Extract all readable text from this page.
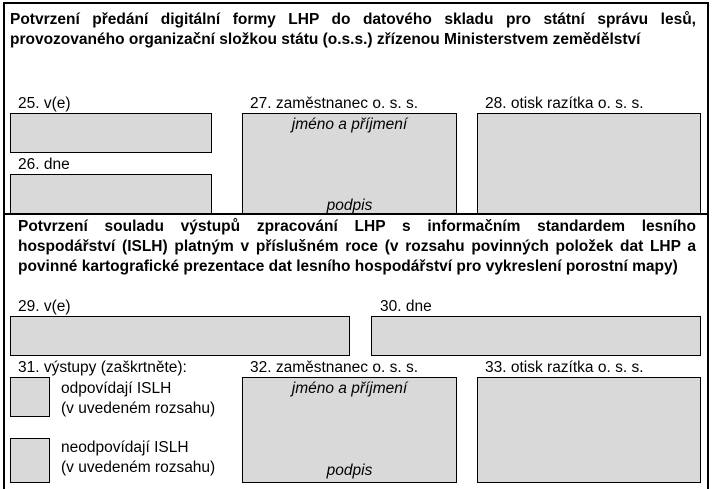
Potvrzení předání digitální formy LHP do datového skladu pro státní správu lesů, provozovaného organizační složkou státu (o.s.s.) zřízenou Ministerstvem zemědělství
25. v(e)
26. dne
27. zaměstnanec o. s. s.
jméno a příjmení
podpis
28. otisk razítka o. s. s.
Potvrzení souladu výstupů zpracování LHP s informačním standardem lesního hospodářství (ISLH) platným v příslušném roce (v rozsahu povinných položek dat LHP a povinné kartografické prezentace dat lesního hospodářství pro vykreslení porostní mapy)
29. v(e)	30. dne
31. výstupy (zaškrtněte):
odpovídají ISLH
(v uvedeném rozsahu)
neodpovídají ISLH
(v uvedeném rozsahu)
32. zaměstnanec o. s. s.
jméno a příjmení
podpis
33. otisk razítka o. s. s.
